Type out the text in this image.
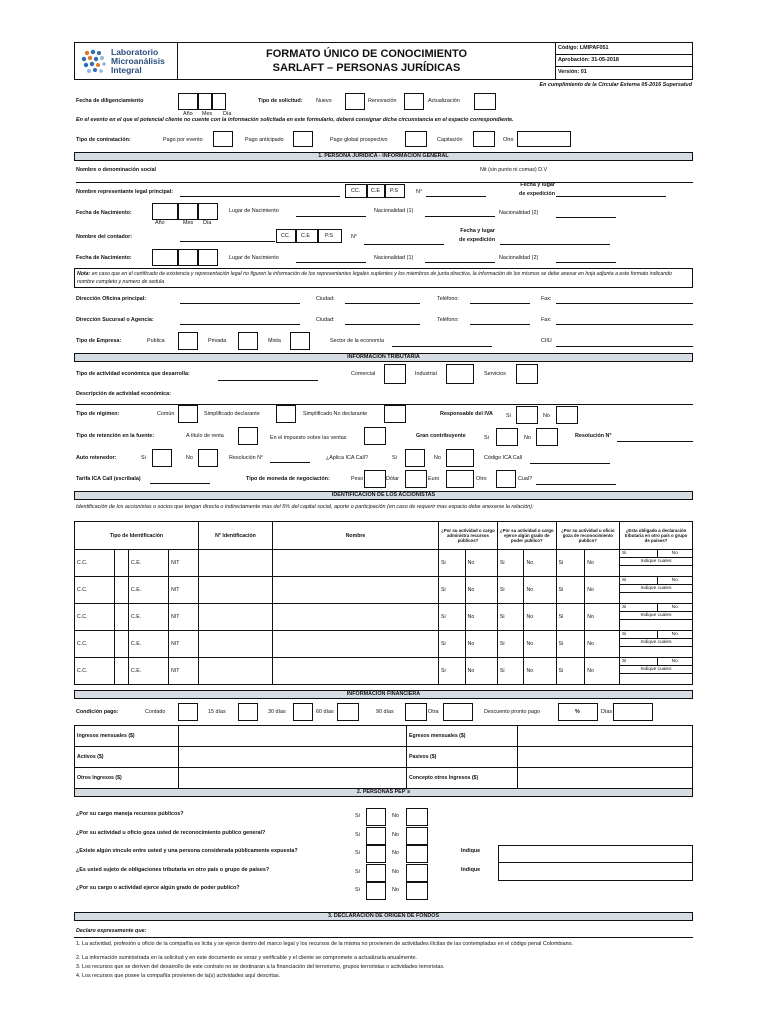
Laboratorio
Microanálisis
Integral
FORMATO ÚNICO DE CONOCIMIENTO
SARLAFT – PERSONAS JURÍDICAS
Código: LMIPAF051
Aprobación: 31-05-2018
Versión: 01
En cumplimiento de la Circular Externa 05-2016 Supersalud
Fecha de diligenciamiento
Año Mes Día
Tipo de solicitud: Nuevo	Renovación	Actualización
En el evento en el que el potencial cliente no cuente con la información solicitada en este formulario, deberá consignar dicha circunstancia en el espacio correspondiente.
Tipo de contratación:	Pago por evento	Pago anticipado	Pago global prospectivo	Capitación	Otro
1. PERSONA JURÍDICA - INFORMACIÓN GENERAL
Nombre o denominación social	Nit (sin punto ni comas) D.V
Nombre representante legal principal:	CC. C.E P.S	N°
Fecha y lugar
de expedición
Fecha de Nacimiento:
Año	Mes Día
Lugar de Nacimiento	Nacionalidad (1)	Nacionalidad (2)
Nombre del contador:	CC. C.E	P.S	N°
Fecha y lugar
de expedición
Fecha de Nacimiento:	Lugar de Nacimiento	Nacionalidad (1)	Nacionalidad (2)
Nota: en caso que en el certificado de existencia y representación legal no figuren la información de los representantes legales suplentes y los miembros de junta directiva, la información de los mismos se debe anexar en hoja adjunta a este formato indicando nombre completo y numero de sedula
Dirección Oficina principal:	Ciudad:	Teléfono:	Fax:
Dirección Sucursal o Agencia:	Ciudad:	Teléfono:	Fax:
Tipo de Empresa:	Publica	Privada	Mixta	Sector de la economía	CIIU
INFORMACION TRIBUTARIA
Tipo de actividad económica que desarrolla:	Comercial	Industrial	Servicios
Descripción de actividad económica:
Tipo de régimen:	Común	Simplificado declarante	Simplificado No declarante	Responsable del IVA Si	No
Tipo de retención en la fuente:	A título de renta	En el impuesto sobre las ventas	Gran contribuyente	Si	No	Resolución N°
Auto retenedor:	Si	No	Resolución N°	¿Aplica ICA Call?	Si	No	Código ICA Call
Tarifa ICA Call (escribala)	Tipo de moneda de negociación:	Peso	Dólar	Euro	Otro	Cual?
IDENTIFICACIÓN DE LOS ACCIONISTAS
Identificación de los accionistas o socios que tengan directa o indirectamente mas del 5% del capital social, aporte o participación (en caso de requerir mas espacio debe anexarse la relación):
Tipo de Identificación				N° Identificación	Nombre	¿Por su actividad o cargo administra recursos públicos?		¿Por su actividad o cargo ejerce algún grado de poder publico?		¿Por su actividad u oficio goza de reconocimiento publico?		¿Esta obligado a declaración tributaria en otro país o grupo de países?
C.C.		C.E.	NIT			Si	No	Si	No	Si	No	Si No
Indique cuales

C.C.		C.E.	NIT			Si	No	Si	No	Si	No	Si No
Indique cuales

C.C.		C.E.	NIT			Si	No	Si	No	Si	No	Si No
Indique cuales

C.C.		C.E.	NIT			Si	No	Si	No	Si	No	Si No
Indique cuales

C.C.		C.E.	NIT			Si	No	Si	No	Si	No	Si No
Indique cuales
INFORMACION FINANCIERA
Condición pago:	Contado	15 días	30 días	60 días	90 días	Otra	Descuento pronto pago	%	Días
Ingresos mensuales ($)		Egresos mensuales ($)	
Activos ($)		Pasivos ($)	
Otros Ingresos ($)		Concepto otros Ingresos ($)	
2. PERSONAS PEP´s
¿Por su cargo maneja recursos públicos?	Si	No
¿Por su actividad u oficio goza usted de reconocimiento publico general?	Si	No
¿Existe algún vinculo entre usted y una persona considerada públicamente expuesta?	Si	No	Indique
¿Es usted sujeto de obligaciones tributaria en otro país o grupo de países?	Si	No	Indique
¿Por su cargo o actividad ejerce algún grado de poder publico?	Si	No
3. DECLARACIÓN DE ORIGEN DE FONDOS
Declaro expresamente que:
1. La actividad, profesión u oficio de la compañía es licita y se ejerce dentro del marco legal y los recursos de la misma no provienen de actividades ilícitas de las contempladas en el código penal Colombiano.
2. La información suministrada en la solicitud y en este documento es veraz y verificable y el cliente se compromete a actualizarla anualmente.
3. Los recursos que se deriven del desarrollo de este contrato no se destinaran a la financiación del terrorismo, grupos terroristas o actividades terroristas.
4. Los recursos que posee la compañía provienen de la(s) actividades aquí descritas.
